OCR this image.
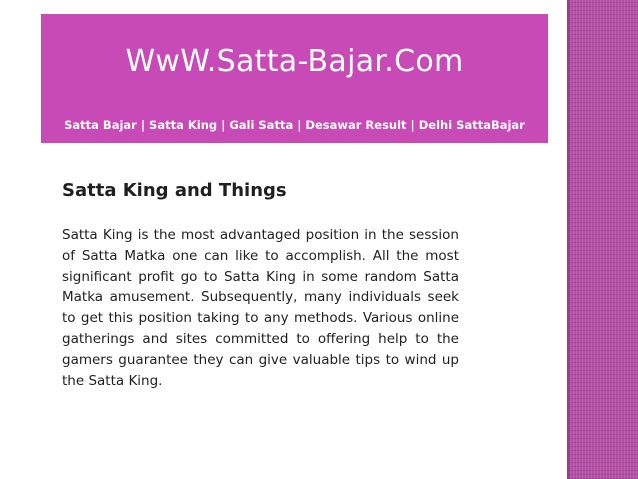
WwW.Satta-Bajar.Com
Satta Bajar | Satta King | Gali Satta | Desawar Result | Delhi SattaBajar
Satta King and Things

Satta King is the most advantaged position in the session of Satta Matka one can like to accomplish. All the most significant profit go to Satta King in some random Satta Matka amusement. Subsequently, many individuals seek to get this position taking to any methods. Various online gatherings and sites committed to offering help to the gamers guarantee they can give valuable tips to wind up the Satta King.
